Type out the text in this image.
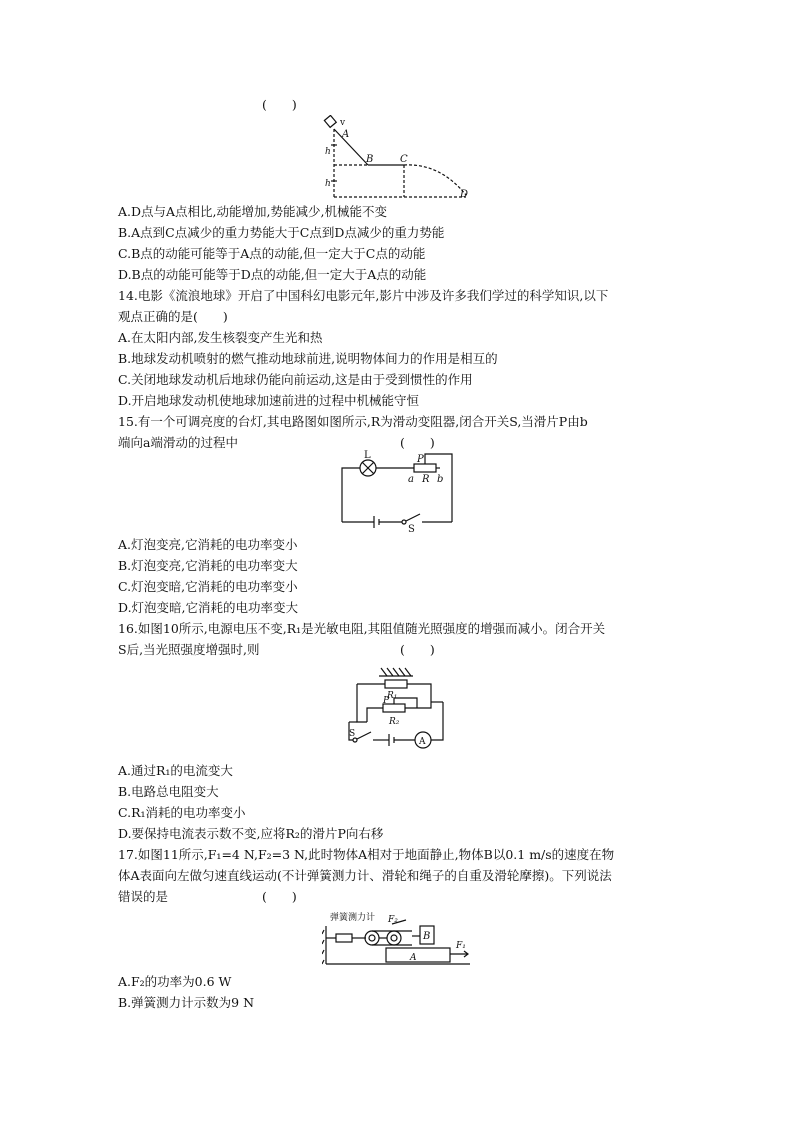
(　　)
v
A
B	C
D
h
h
A.D点与A点相比,动能增加,势能减少,机械能不变
B.A点到C点减少的重力势能大于C点到D点减少的重力势能
C.B点的动能可能等于A点的动能,但一定大于C点的动能
D.B点的动能可能等于D点的动能,但一定大于A点的动能
14.电影《流浪地球》开启了中国科幻电影元年,影片中涉及许多我们学过的科学知识,以下
观点正确的是(　　)
A.在太阳内部,发生核裂变产生光和热
B.地球发动机喷射的燃气推动地球前进,说明物体间力的作用是相互的
C.关闭地球发动机后地球仍能向前运动,这是由于受到惯性的作用
D.开启地球发动机使地球加速前进的过程中机械能守恒
15.有一个可调亮度的台灯,其电路图如图所示,R为滑动变阻器,闭合开关S,当滑片P由b
端向a端滑动的过程中	(　　)
L	P
a R b
S
A.灯泡变亮,它消耗的电功率变小
B.灯泡变亮,它消耗的电功率变大
C.灯泡变暗,它消耗的电功率变小
D.灯泡变暗,它消耗的电功率变大
16.如图10所示,电源电压不变,R₁是光敏电阻,其阻值随光照强度的增强而减小。闭合开关
S后,当光照强度增强时,则	(　　)
R₁
P
R₂
S
A
A.通过R₁的电流变大
B.电路总电阻变大
C.R₁消耗的电功率变小
D.要保持电流表示数不变,应将R₂的滑片P向右移
17.如图11所示,F₁=4 N,F₂=3 N,此时物体A相对于地面静止,物体B以0.1 m/s的速度在物
体A表面向左做匀速直线运动(不计弹簧测力计、滑轮和绳子的自重及滑轮摩擦)。下列说法
错误的是	(　　)
弹簧测力计 F₂
B
A
F₁
A.F₂的功率为0.6 W
B.弹簧测力计示数为9 N
